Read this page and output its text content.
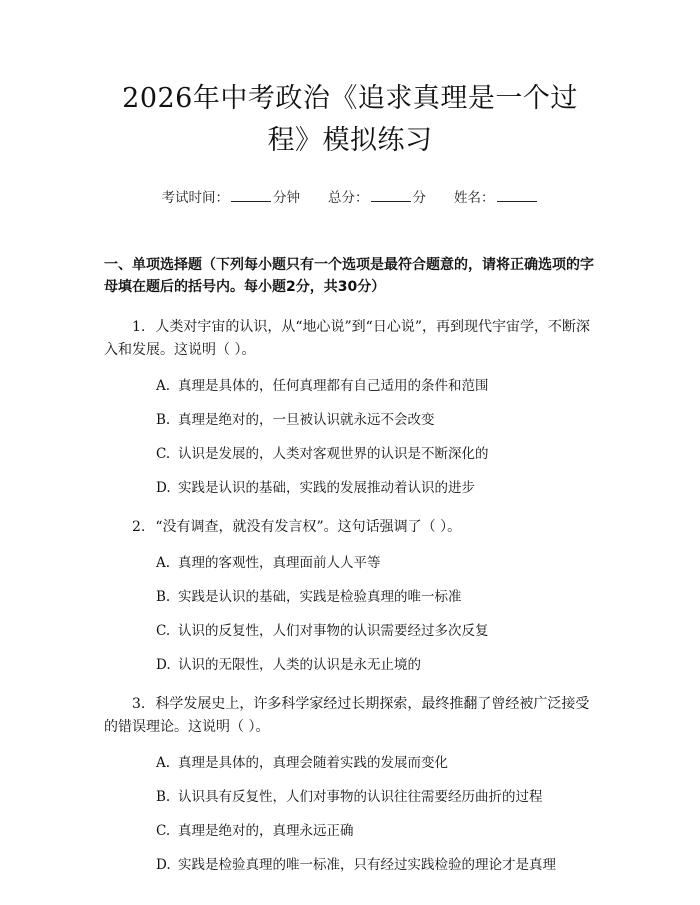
2026年中考政治《追求真理是一个过程》模拟练习
考试时间：	分钟 总分：	分 姓名：

一、单项选择题（下列每小题只有一个选项是最符合题意的，请将正确选项的字母填在题后的括号内。每小题2分，共30分）

1. 人类对宇宙的认识，从“地心说”到“日心说”，再到现代宇宙学，不断深入和发展。这说明（ ）。

A. 真理是具体的，任何真理都有自己适用的条件和范围
B. 真理是绝对的，一旦被认识就永远不会改变
C. 认识是发展的，人类对客观世界的认识是不断深化的
D. 实践是认识的基础，实践的发展推动着认识的进步

2. “没有调查，就没有发言权”。这句话强调了（ ）。

A. 真理的客观性，真理面前人人平等
B. 实践是认识的基础，实践是检验真理的唯一标准
C. 认识的反复性，人们对事物的认识需要经过多次反复
D. 认识的无限性，人类的认识是永无止境的

3. 科学发展史上，许多科学家经过长期探索，最终推翻了曾经被广泛接受的错误理论。这说明（ ）。

A. 真理是具体的，真理会随着实践的发展而变化
B. 认识具有反复性，人们对事物的认识往往需要经历曲折的过程
C. 真理是绝对的，真理永远正确
D. 实践是检验真理的唯一标准，只有经过实践检验的理论才是真理
